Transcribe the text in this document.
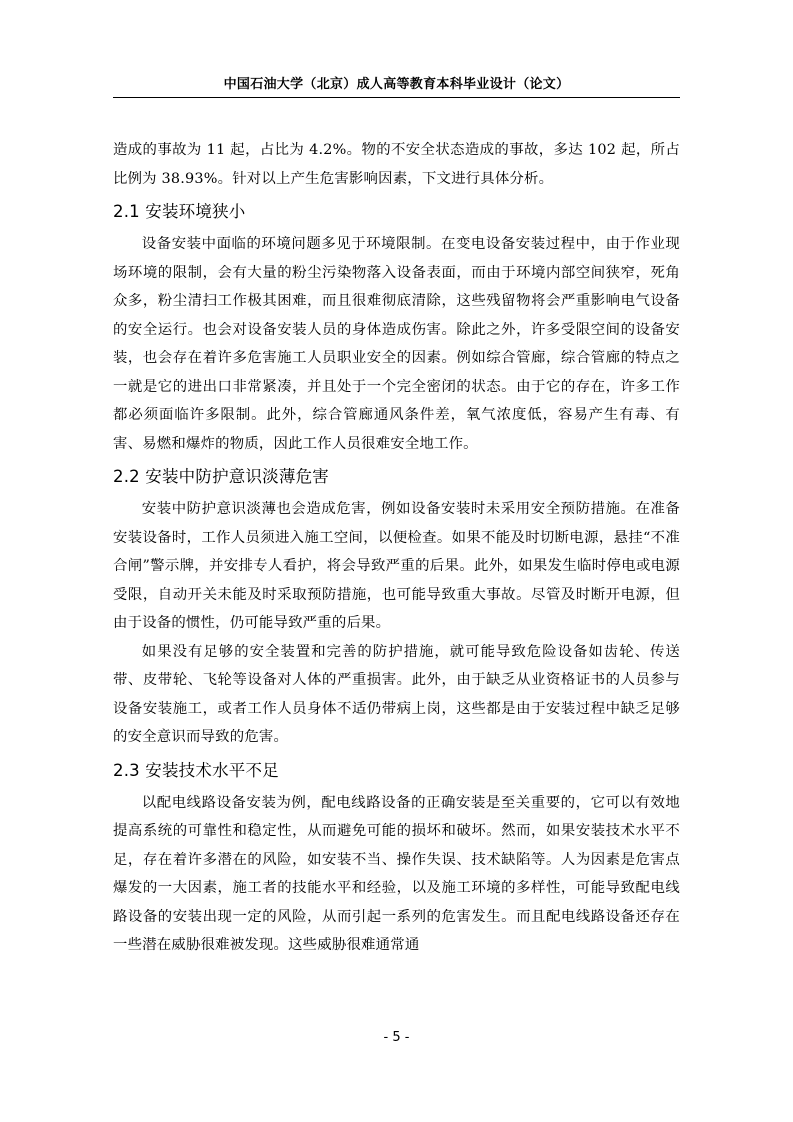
中国石油大学（北京）成人高等教育本科毕业设计（论文）

造成的事故为 11 起，占比为 4.2%。物的不安全状态造成的事故，多达 102 起，所占比例为 38.93%。针对以上产生危害影响因素，下文进行具体分析。

2.1 安装环境狭小

设备安装中面临的环境问题多见于环境限制。在变电设备安装过程中，由于作业现场环境的限制，会有大量的粉尘污染物落入设备表面，而由于环境内部空间狭窄，死角众多，粉尘清扫工作极其困难，而且很难彻底清除，这些残留物将会严重影响电气设备的安全运行。也会对设备安装人员的身体造成伤害。除此之外，许多受限空间的设备安装，也会存在着许多危害施工人员职业安全的因素。例如综合管廊，综合管廊的特点之一就是它的进出口非常紧凑，并且处于一个完全密闭的状态。由于它的存在，许多工作都必须面临许多限制。此外，综合管廊通风条件差，氧气浓度低，容易产生有毒、有害、易燃和爆炸的物质，因此工作人员很难安全地工作。

2.2 安装中防护意识淡薄危害

安装中防护意识淡薄也会造成危害，例如设备安装时未采用安全预防措施。在准备安装设备时，工作人员须进入施工空间，以便检查。如果不能及时切断电源，悬挂“不准合闸”警示牌，并安排专人看护，将会导致严重的后果。此外，如果发生临时停电或电源受限，自动开关未能及时采取预防措施，也可能导致重大事故。尽管及时断开电源，但由于设备的惯性，仍可能导致严重的后果。

如果没有足够的安全装置和完善的防护措施，就可能导致危险设备如齿轮、传送带、皮带轮、飞轮等设备对人体的严重损害。此外，由于缺乏从业资格证书的人员参与设备安装施工，或者工作人员身体不适仍带病上岗，这些都是由于安装过程中缺乏足够的安全意识而导致的危害。

2.3 安装技术水平不足

以配电线路设备安装为例，配电线路设备的正确安装是至关重要的，它可以有效地提高系统的可靠性和稳定性，从而避免可能的损坏和破坏。然而，如果安装技术水平不足，存在着许多潜在的风险，如安装不当、操作失误、技术缺陷等。人为因素是危害点爆发的一大因素，施工者的技能水平和经验，以及施工环境的多样性，可能导致配电线路设备的安装出现一定的风险，从而引起一系列的危害发生。而且配电线路设备还存在一些潜在威胁很难被发现。这些威胁很难通常通

- 5 -
